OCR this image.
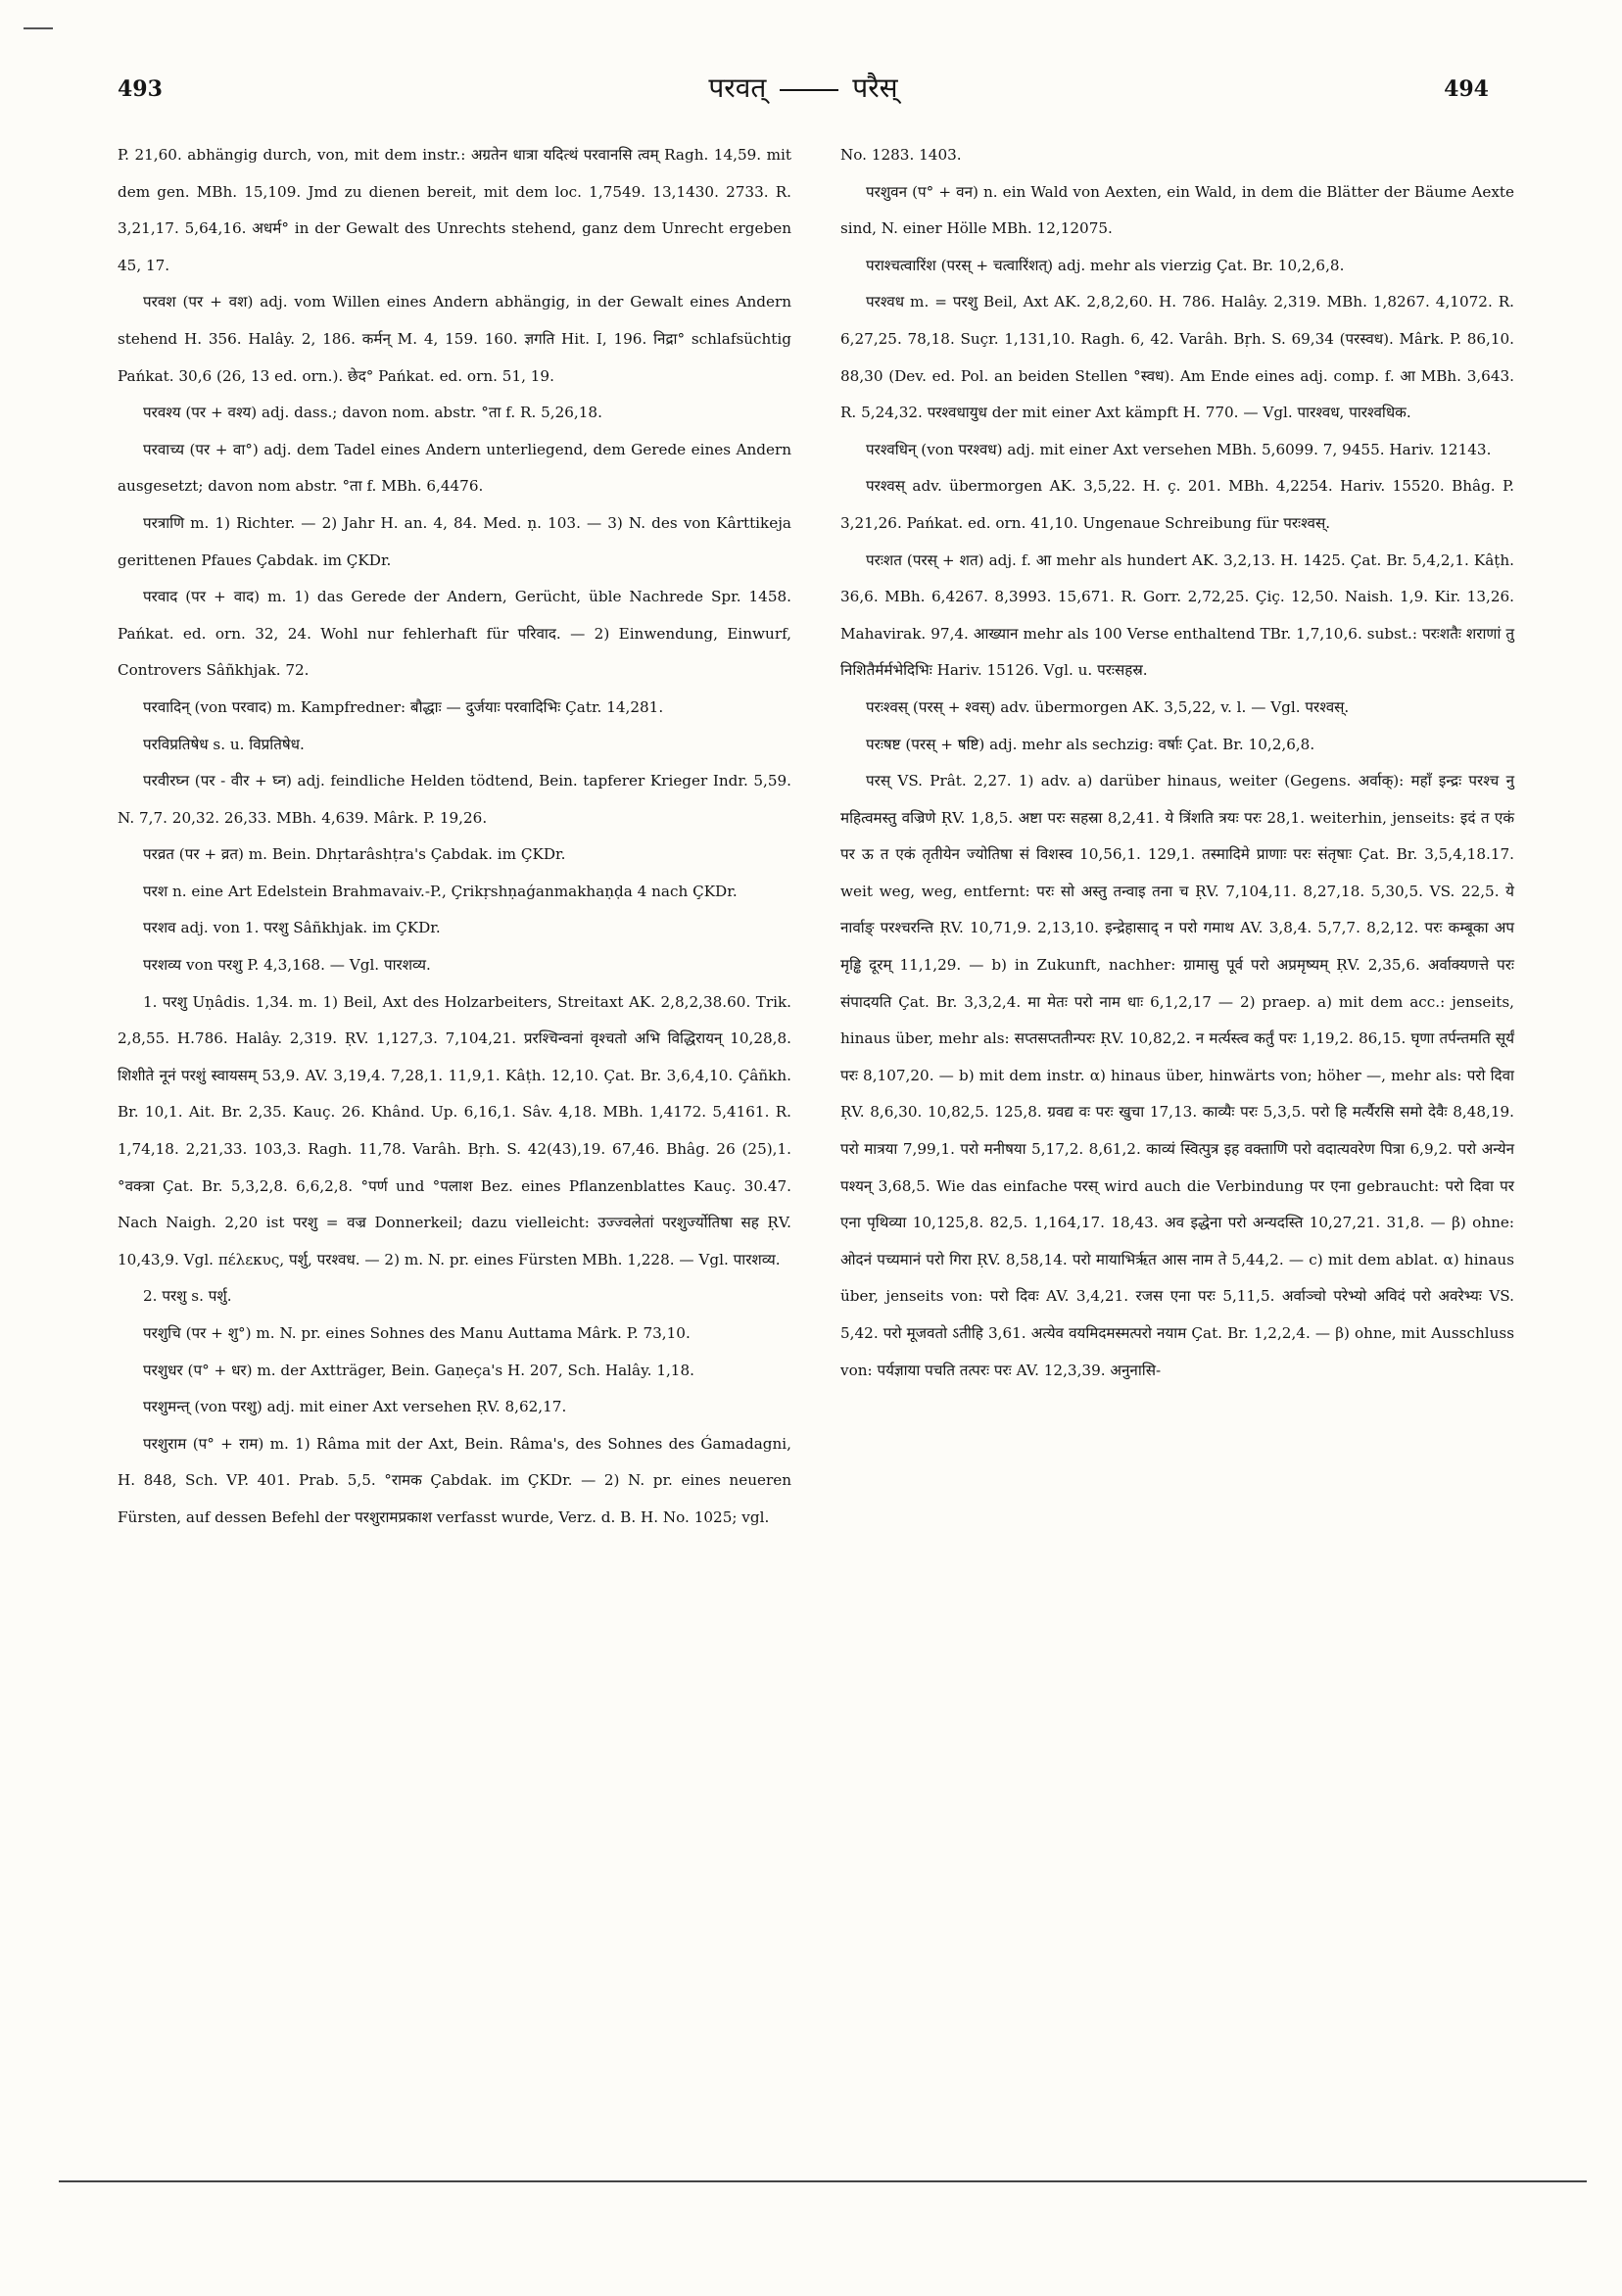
493	परवत्	परैस्	494

P. 21,60. abhängig durch, von, mit dem instr.: अग्रतेन धात्रा यदित्थं परवानसि त्वम् Ragh. 14,59. mit dem gen. MBh. 15,109. Jmd zu dienen bereit, mit dem loc. 1,7549. 13,1430. 2733. R. 3,21,17. 5,64,16. अधर्म° in der Gewalt des Unrechts stehend, ganz dem Unrecht ergeben 45, 17.

परवश (पर + वश) adj. vom Willen eines Andern abhängig, in der Gewalt eines Andern stehend H. 356. Halây. 2, 186. कर्मन् M. 4, 159. 160. ज्ञगति Hit. I, 196. निद्रा° schlafsüchtig Pańkat. 30,6 (26, 13 ed. orn.). छेद° Pańkat. ed. orn. 51, 19.

परवश्य (पर + वश्य) adj. dass.; davon nom. abstr. °ता f. R. 5,26,18.

परवाच्य (पर + वा°) adj. dem Tadel eines Andern unterliegend, dem Gerede eines Andern ausgesetzt; davon nom abstr. °ता f. MBh. 6,4476.

परत्राणि m. 1) Richter. — 2) Jahr H. an. 4, 84. Med. ṇ. 103. — 3) N. des von Kârttikeja gerittenen Pfaues Çabdak. im ÇKDr.

परवाद (पर + वाद) m. 1) das Gerede der Andern, Gerücht, üble Nachrede Spr. 1458. Pańkat. ed. orn. 32, 24. Wohl nur fehlerhaft für परिवाद. — 2) Einwendung, Einwurf, Controvers Sâñkhjak. 72.

परवादिन् (von परवाद) m. Kampfredner: बौद्धाः — दुर्जयाः परवादिभिः Çatr. 14,281.

परविप्रतिषेध s. u. विप्रतिषेध.

परवीरघ्न (पर - वीर + घ्न) adj. feindliche Helden tödtend, Bein. tapferer Krieger Indr. 5,59. N. 7,7. 20,32. 26,33. MBh. 4,639. Mârk. P. 19,26.

परव्रत (पर + व्रत) m. Bein. Dhṛtarâshṭra's Çabdak. im ÇKDr.

परश n. eine Art Edelstein Brahmavaiv.-P., Çrikṛshṇaǵanmakhaṇḍa 4 nach ÇKDr.

परशव adj. von 1. परशु Sâñkhjak. im ÇKDr.

परशव्य von परशु P. 4,3,168. — Vgl. पारशव्य.

1. परशु Uṇâdis. 1,34. m. 1) Beil, Axt des Holzarbeiters, Streitaxt AK. 2,8,2,38.60. Trik. 2,8,55. H.786. Halây. 2,319. ṚV. 1,127,3. 7,104,21. प्ररश्चिन्वनां वृश्चतो अभि विद्धिरायन् 10,28,8. शिशीते नूनं परशुं स्वायसम् 53,9. AV. 3,19,4. 7,28,1. 11,9,1. Kâṭh. 12,10. Çat. Br. 3,6,4,10. Çâñkh. Br. 10,1. Ait. Br. 2,35. Kauç. 26. Khând. Up. 6,16,1. Sâv. 4,18. MBh. 1,4172. 5,4161. R. 1,74,18. 2,21,33. 103,3. Ragh. 11,78. Varâh. Bṛh. S. 42(43),19. 67,46. Bhâg. 26 (25),1. °वक्त्रा Çat. Br. 5,3,2,8. 6,6,2,8. °पर्ण und °पलाश Bez. eines Pflanzenblattes Kauç. 30.47. Nach Naigh. 2,20 ist परशु = वज्र Donnerkeil; dazu vielleicht: उज्ज्वलेतां परशुर्ज्योतिषा सह ṚV. 10,43,9. Vgl. πέλεκυς, पर्शु, परश्वध. — 2) m. N. pr. eines Fürsten MBh. 1,228. — Vgl. पारशव्य.

2. परशु s. पर्शु.

परशुचि (पर + शु°) m. N. pr. eines Sohnes des Manu Auttama Mârk. P. 73,10.

परशुधर (प° + धर) m. der Axtträger, Bein. Gaṇeça's H. 207, Sch. Halây. 1,18.

परशुमन्त् (von परशु) adj. mit einer Axt versehen ṚV. 8,62,17.

परशुराम (प° + राम) m. 1) Râma mit der Axt, Bein. Râma's, des Sohnes des Ǵamadagni, H. 848, Sch. VP. 401. Prab. 5,5. °रामक Çabdak. im ÇKDr. — 2) N. pr. eines neueren Fürsten, auf dessen Befehl der परशुरामप्रकाश verfasst wurde, Verz. d. B. H. No. 1025; vgl.

No. 1283. 1403.

परशुवन (प° + वन) n. ein Wald von Aexten, ein Wald, in dem die Blätter der Bäume Aexte sind, N. einer Hölle MBh. 12,12075.

पराश्चत्वारिंश (परस् + चत्वारिंशत्) adj. mehr als vierzig Çat. Br. 10,2,6,8.

परश्वध m. = परशु Beil, Axt AK. 2,8,2,60. H. 786. Halây. 2,319. MBh. 1,8267. 4,1072. R. 6,27,25. 78,18. Suçr. 1,131,10. Ragh. 6, 42. Varâh. Bṛh. S. 69,34 (परस्वध). Mârk. P. 86,10. 88,30 (Dev. ed. Pol. an beiden Stellen °स्वध). Am Ende eines adj. comp. f. आ MBh. 3,643. R. 5,24,32. परश्वधायुध der mit einer Axt kämpft H. 770. — Vgl. पारश्वध, पारश्वधिक.

परश्वधिन् (von परश्वध) adj. mit einer Axt versehen MBh. 5,6099. 7, 9455. Hariv. 12143.

परश्वस् adv. übermorgen AK. 3,5,22. H. ç. 201. MBh. 4,2254. Hariv. 15520. Bhâg. P. 3,21,26. Pańkat. ed. orn. 41,10. Ungenaue Schreibung für परःश्वस्.

परःशत (परस् + शत) adj. f. आ mehr als hundert AK. 3,2,13. H. 1425. Çat. Br. 5,4,2,1. Kâṭh. 36,6. MBh. 6,4267. 8,3993. 15,671. R. Gorr. 2,72,25. Çiç. 12,50. Naish. 1,9. Kir. 13,26. Mahavirak. 97,4. आख्यान mehr als 100 Verse enthaltend TBr. 1,7,10,6. subst.: परःशतैः शराणां तु निशितैर्मर्मभेदिभिः Hariv. 15126. Vgl. u. परःसहस्र.

परःश्वस् (परस् + श्वस्) adv. übermorgen AK. 3,5,22, v. l. — Vgl. परश्वस्.

परःषष्ट (परस् + षष्टि) adj. mehr als sechzig: वर्षाः Çat. Br. 10,2,6,8.

परस् VS. Prât. 2,27. 1) adv. a) darüber hinaus, weiter (Gegens. अर्वाक्): महाँ इन्द्रः परश्च नु महित्वमस्तु वज्रिणे ṚV. 1,8,5. अष्टा परः सहस्रा 8,2,41. ये त्रिंशति त्रयः परः 28,1. weiterhin, jenseits: इदं त एकं पर ऊ त एकं तृतीयेन ज्योतिषा सं विशस्व 10,56,1. 129,1. तस्मादिमे प्राणाः परः संतृषाः Çat. Br. 3,5,4,18.17. weit weg, weg, entfernt: परः सो अस्तु तन्वाइ तना च ṚV. 7,104,11. 8,27,18. 5,30,5. VS. 22,5. ये नार्वाङ् परश्चरन्ति ṚV. 10,71,9. 2,13,10. इन्द्रेहासाद् न परो गमाथ AV. 3,8,4. 5,7,7. 8,2,12. परः कम्बूका अप मृड्ढि दूरम् 11,1,29. — b) in Zukunft, nachher: ग्रामासु पूर्व परो अप्रमृष्यम् ṚV. 2,35,6. अर्वाक्यणत्ते परः संपादयति Çat. Br. 3,3,2,4. मा मेतः परो नाम धाः 6,1,2,17 — 2) praep. a) mit dem acc.: jenseits, hinaus über, mehr als: सप्तसप्ततीन्परः ṚV. 10,82,2. न मर्त्यस्त्व कर्तुं परः 1,19,2. 86,15. घृणा तर्पन्तमति सूर्यं परः 8,107,20. — b) mit dem instr. α) hinaus über, hinwärts von; höher —, mehr als: परो दिवा ṚV. 8,6,30. 10,82,5. 125,8. ग्रवद्य वः परः खुचा 17,13. काव्यैः परः 5,3,5. परो हि मर्त्यैरसि समो देवैः 8,48,19. परो मात्रया 7,99,1. परो मनीषया 5,17,2. 8,61,2. काव्यं स्वित्पुत्र इह वक्ताणि परो वदात्यवरेण पित्रा 6,9,2. परो अन्येन पश्यन् 3,68,5. Wie das einfache परस् wird auch die Verbindung पर एना gebraucht: परो दिवा पर एना पृथिव्या 10,125,8. 82,5. 1,164,17. 18,43. अव इद्धेना परो अन्यदस्ति 10,27,21. 31,8. — β) ohne: ओदनं पच्यमानं परो गिरा ṚV. 8,58,14. परो मायाभिर्ऋत आस नाम ते 5,44,2. — c) mit dem ablat. α) hinaus über, jenseits von: परो दिवः AV. 3,4,21. रजस एना परः 5,11,5. अर्वाञ्चो परेभ्यो अविदं परो अवरेभ्यः VS. 5,42. परो मूजवतो ऽतीहि 3,61. अत्येव वयमिदमस्मत्परो नयाम Çat. Br. 1,2,2,4. — β) ohne, mit Ausschluss von: पर्यज्ञाया पचति तत्परः परः AV. 12,3,39. अनुनासि-
